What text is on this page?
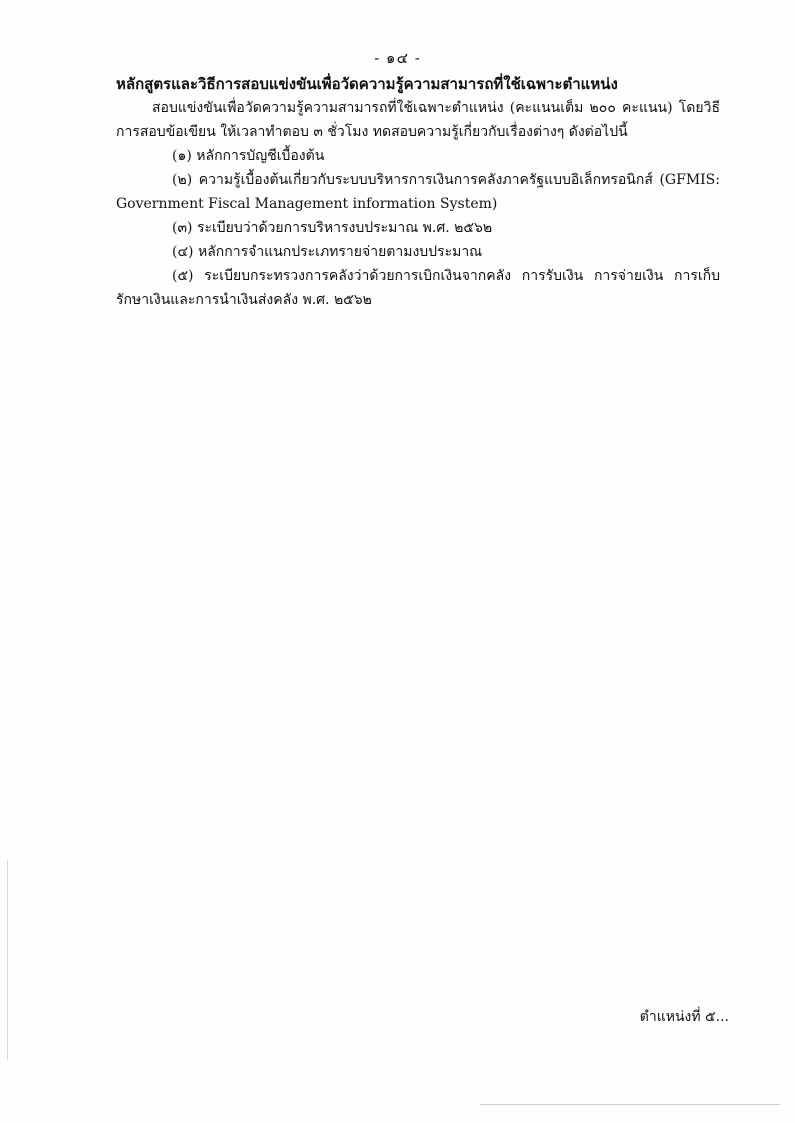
- ๑๔ -

หลักสูตรและวิธีการสอบแข่งขันเพื่อวัดความรู้ความสามารถที่ใช้เฉพาะตำแหน่ง

สอบแข่งขันเพื่อวัดความรู้ความสามารถที่ใช้เฉพาะตำแหน่ง (คะแนนเต็ม ๒๐๐ คะแนน) โดยวิธีการสอบข้อเขียน ให้เวลาทำตอบ ๓ ชั่วโมง ทดสอบความรู้เกี่ยวกับเรื่องต่างๆ ดังต่อไปนี้

(๑) หลักการบัญชีเบื้องต้น

(๒) ความรู้เบื้องต้นเกี่ยวกับระบบบริหารการเงินการคลังภาครัฐแบบอิเล็กทรอนิกส์ (GFMIS: Government Fiscal Management information System)

(๓) ระเบียบว่าด้วยการบริหารงบประมาณ พ.ศ. ๒๕๖๒

(๔) หลักการจำแนกประเภทรายจ่ายตามงบประมาณ

(๕) ระเบียบกระทรวงการคลังว่าด้วยการเบิกเงินจากคลัง การรับเงิน การจ่ายเงิน การเก็บรักษาเงินและการนำเงินส่งคลัง พ.ศ. ๒๕๖๒

ตำแหน่งที่ ๕...
